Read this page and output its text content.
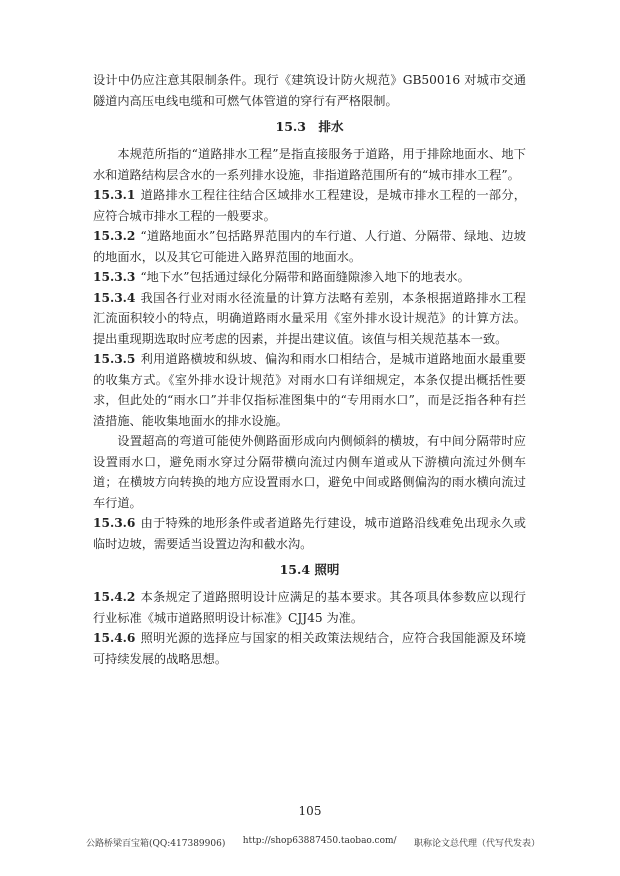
设计中仍应注意其限制条件。现行《建筑设计防火规范》GB50016 对城市交通隧道内高压电线电缆和可燃气体管道的穿行有严格限制。

15.3　排水

本规范所指的“道路排水工程”是指直接服务于道路，用于排除地面水、地下水和道路结构层含水的一系列排水设施，非指道路范围所有的“城市排水工程”。

15.3.1 道路排水工程往往结合区域排水工程建设，是城市排水工程的一部分，应符合城市排水工程的一般要求。

15.3.2 “道路地面水”包括路界范围内的车行道、人行道、分隔带、绿地、边坡的地面水，以及其它可能进入路界范围的地面水。

15.3.3 “地下水”包括通过绿化分隔带和路面缝隙渗入地下的地表水。

15.3.4 我国各行业对雨水径流量的计算方法略有差别，本条根据道路排水工程汇流面积较小的特点，明确道路雨水量采用《室外排水设计规范》的计算方法。提出重现期选取时应考虑的因素，并提出建议值。该值与相关规范基本一致。

15.3.5 利用道路横坡和纵坡、偏沟和雨水口相结合，是城市道路地面水最重要的收集方式。《室外排水设计规范》对雨水口有详细规定，本条仅提出概括性要求，但此处的“雨水口”并非仅指标准图集中的“专用雨水口”，而是泛指各种有拦渣措施、能收集地面水的排水设施。

设置超高的弯道可能使外侧路面形成向内侧倾斜的横坡，有中间分隔带时应设置雨水口，避免雨水穿过分隔带横向流过内侧车道或从下游横向流过外侧车道；在横坡方向转换的地方应设置雨水口，避免中间或路侧偏沟的雨水横向流过车行道。

15.3.6 由于特殊的地形条件或者道路先行建设，城市道路沿线难免出现永久或临时边坡，需要适当设置边沟和截水沟。

15.4 照明

15.4.2 本条规定了道路照明设计应满足的基本要求。其各项具体参数应以现行行业标准《城市道路照明设计标准》CJJ45 为准。

15.4.6 照明光源的选择应与国家的相关政策法规结合，应符合我国能源及环境可持续发展的战略思想。

105
公路桥梁百宝箱(QQ:417389906) http://shop63887450.taobao.com/ 职称论文总代理（代写代发表）
